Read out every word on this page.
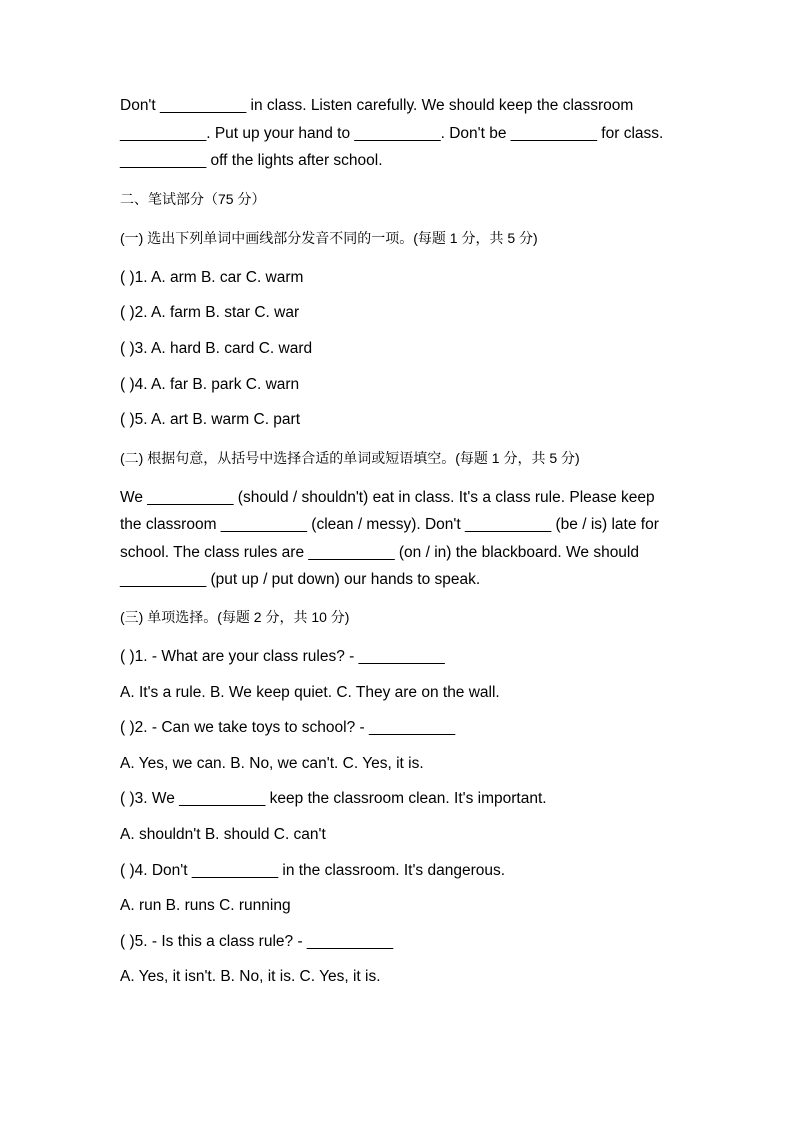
Don't __________ in class. Listen carefully. We should keep the classroom __________. Put up your hand to __________. Don't be __________ for class. __________ off the lights after school.

二、笔试部分（75 分）

(一) 选出下列单词中画线部分发音不同的一项。(每题 1 分，共 5 分)

( )1. A. arm B. car C. warm

( )2. A. farm B. star C. war

( )3. A. hard B. card C. ward

( )4. A. far B. park C. warn

( )5. A. art B. warm C. part

(二) 根据句意，从括号中选择合适的单词或短语填空。(每题 1 分，共 5 分)

We __________ (should / shouldn't) eat in class. It's a class rule. Please keep the classroom __________ (clean / messy). Don't __________ (be / is) late for school. The class rules are __________ (on / in) the blackboard. We should __________ (put up / put down) our hands to speak.

(三) 单项选择。(每题 2 分，共 10 分)

( )1. - What are your class rules? - __________

A. It's a rule. B. We keep quiet. C. They are on the wall.

( )2. - Can we take toys to school? - __________

A. Yes, we can. B. No, we can't. C. Yes, it is.

( )3. We __________ keep the classroom clean. It's important.

A. shouldn't B. should C. can't

( )4. Don't __________ in the classroom. It's dangerous.

A. run B. runs C. running

( )5. - Is this a class rule? - __________

A. Yes, it isn't. B. No, it is. C. Yes, it is.
